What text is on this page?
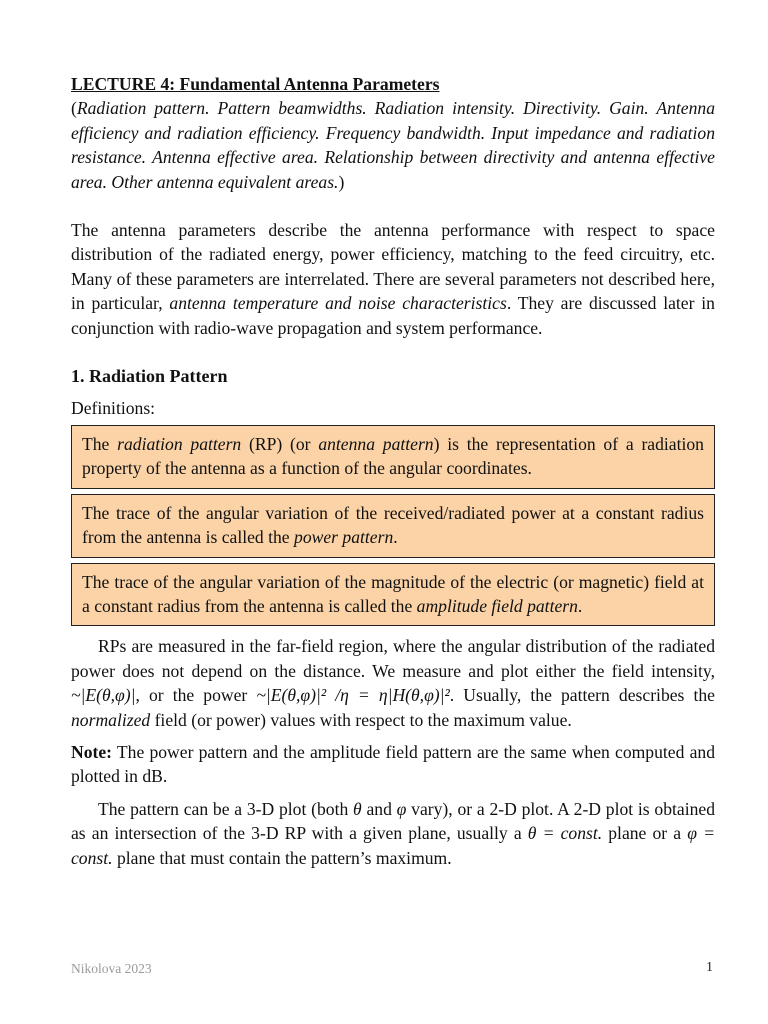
LECTURE 4: Fundamental Antenna Parameters

(Radiation pattern. Pattern beamwidths. Radiation intensity. Directivity. Gain. Antenna efficiency and radiation efficiency. Frequency bandwidth. Input impedance and radiation resistance. Antenna effective area. Relationship between directivity and antenna effective area. Other antenna equivalent areas.)

The antenna parameters describe the antenna performance with respect to space distribution of the radiated energy, power efficiency, matching to the feed circuitry, etc. Many of these parameters are interrelated. There are several parameters not described here, in particular, antenna temperature and noise characteristics. They are discussed later in conjunction with radio-wave propagation and system performance.

1. Radiation Pattern
Definitions:
The radiation pattern (RP) (or antenna pattern) is the representation of a radiation property of the antenna as a function of the angular coordinates.
The trace of the angular variation of the received/radiated power at a constant radius from the antenna is called the power pattern.
The trace of the angular variation of the magnitude of the electric (or magnetic) field at a constant radius from the antenna is called the amplitude field pattern.

RPs are measured in the far-field region, where the angular distribution of the radiated power does not depend on the distance. We measure and plot either the field intensity, ~|E(θ,φ)|, or the power ~|E(θ,φ)|² /η = η|H(θ,φ)|². Usually, the pattern describes the normalized field (or power) values with respect to the maximum value.

Note: The power pattern and the amplitude field pattern are the same when computed and plotted in dB.

The pattern can be a 3-D plot (both θ and φ vary), or a 2-D plot. A 2-D plot is obtained as an intersection of the 3-D RP with a given plane, usually a θ = const. plane or a φ = const. plane that must contain the pattern’s maximum.

Nikolova 2023	1
